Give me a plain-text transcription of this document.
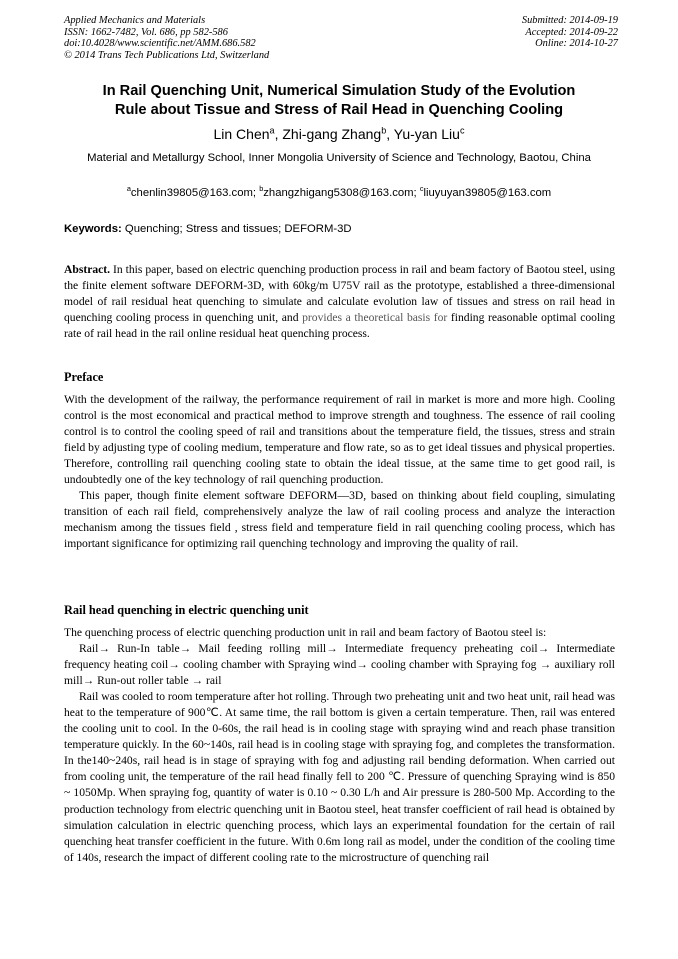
Applied Mechanics and Materials
ISSN: 1662-7482, Vol. 686, pp 582-586
doi:10.4028/www.scientific.net/AMM.686.582
© 2014 Trans Tech Publications Ltd, Switzerland
Submitted: 2014-09-19
Accepted: 2014-09-22
Online: 2014-10-27
In Rail Quenching Unit, Numerical Simulation Study of the Evolution
Rule about Tissue and Stress of Rail Head in Quenching Cooling
Lin Chen$^a$, Zhi-gang Zhang$^b$, Yu-yan Liu$^c$
Material and Metallurgy School, Inner Mongolia University of Science and Technology, Baotou, China
$^a$chenlin39805@163.com; $^b$zhangzhigang5308@163.com; $^c$liuyuyan39805@163.com
Keywords: Quenching; Stress and tissues; DEFORM-3D

Abstract. In this paper, based on electric quenching production process in rail and beam factory of Baotou steel, using the finite element software DEFORM-3D, with 60kg/m U75V rail as the prototype, established a three-dimensional model of rail residual heat quenching to simulate and calculate evolution law of tissues and stress on rail head in quenching cooling process in quenching unit, and provides a theoretical basis for finding reasonable optimal cooling rate of rail head in the rail online residual heat quenching process.

Preface

With the development of the railway, the performance requirement of rail in market is more and more high. Cooling control is the most economical and practical method to improve strength and toughness. The essence of rail cooling control is to control the cooling speed of rail and transitions about the temperature field, the tissues, stress and strain field by adjusting type of cooling medium, temperature and flow rate, so as to get ideal tissues and physical properties. Therefore, controlling rail quenching cooling state to obtain the ideal tissue, at the same time to get good rail, is undoubtedly one of the key technology of rail quenching production.

This paper, though finite element software DEFORM—3D, based on thinking about field coupling, simulating transition of each rail field, comprehensively analyze the law of rail cooling process and analyze the interaction mechanism among the tissues field , stress field and temperature field in rail quenching cooling process, which has important significance for optimizing rail quenching technology and improving the quality of rail.

Rail head quenching in electric quenching unit

The quenching process of electric quenching production unit in rail and beam factory of Baotou steel is:

Rail→ Run-In table→ Mail feeding rolling mill→ Intermediate frequency preheating coil→ Intermediate frequency heating coil→ cooling chamber with Spraying wind→ cooling chamber with Spraying fog → auxiliary roll mill→ Run-out roller table → rail

Rail was cooled to room temperature after hot rolling. Through two preheating unit and two heat unit, rail head was heat to the temperature of 900℃. At same time, the rail bottom is given a certain temperature. Then, rail was entered the cooling unit to cool. In the 0-60s, the rail head is in cooling stage with spraying wind and reach phase transition temperature quickly. In the 60~140s, rail head is in cooling stage with spraying fog, and completes the transformation. In the140~240s, rail head is in stage of spraying with fog and adjusting rail bending deformation. When carried out from cooling unit, the temperature of the rail head finally fell to 200 ℃. Pressure of quenching Spraying wind is 850 ~ 1050Mp. When spraying fog, quantity of water is 0.10 ~ 0.30 L/h and Air pressure is 280-500 Mp. According to the production technology from electric quenching unit in Baotou steel, heat transfer coefficient of rail head is obtained by simulation calculation in electric quenching process, which lays an experimental foundation for the certain of rail quenching heat transfer coefficient in the future. With 0.6m long rail as model, under the condition of the cooling time of 140s, research the impact of different cooling rate to the microstructure of quenching rail
